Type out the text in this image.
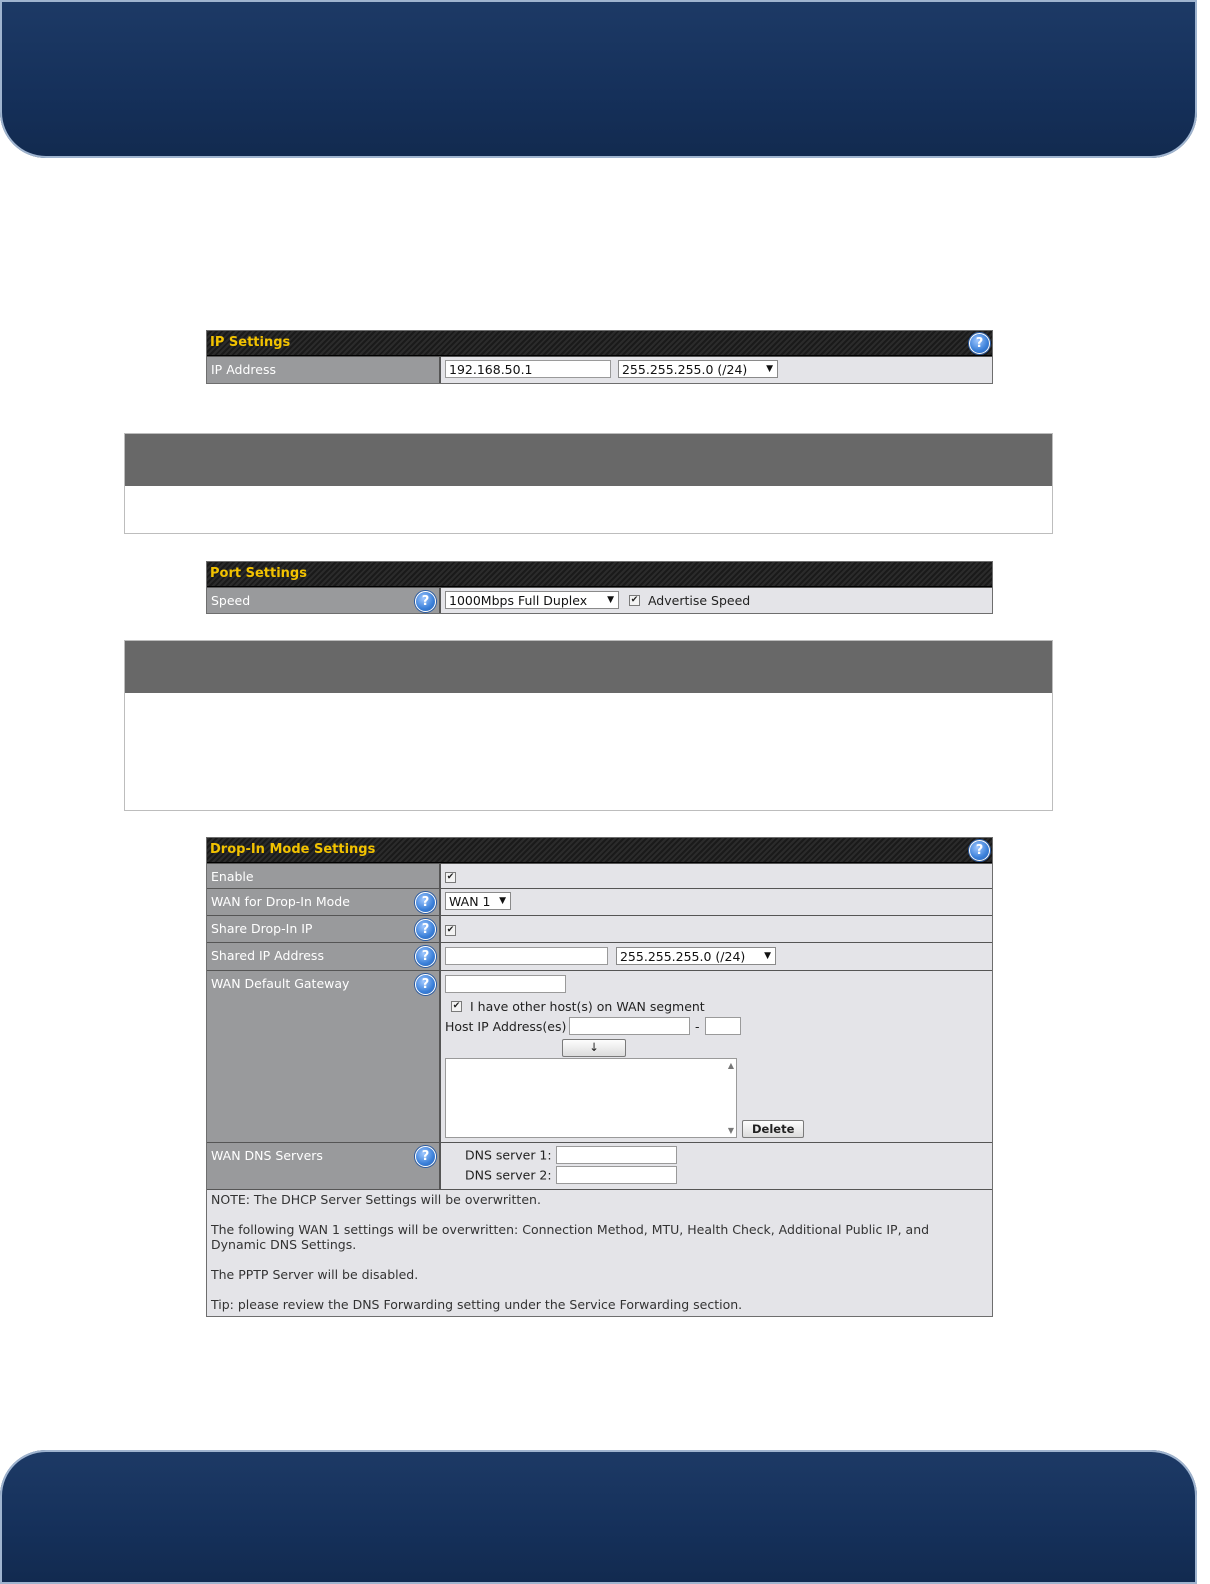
IP Settings	?
IP Address	192.168.50.1	255.255.255.0 (/24) ▼
Port Settings
Speed	?	1000Mbps Full Duplex ▼ ✔ Advertise Speed
Drop-In Mode Settings	?
Enable	✔
WAN for Drop-In Mode	?	WAN 1 ▼
Share Drop-In IP	?	✔
Shared IP Address	?	255.255.255.0 (/24) ▼
WAN Default Gateway	?
✔ I have other host(s) on WAN segment
Host IP Address(es)	-
↓
▲
▼	Delete
WAN DNS Servers	?	DNS server 1:
DNS server 2:

NOTE: The DHCP Server Settings will be overwritten.

The following WAN 1 settings will be overwritten: Connection Method, MTU, Health Check, Additional Public IP, and Dynamic DNS Settings.

The PPTP Server will be disabled.

Tip: please review the DNS Forwarding setting under the Service Forwarding section.
